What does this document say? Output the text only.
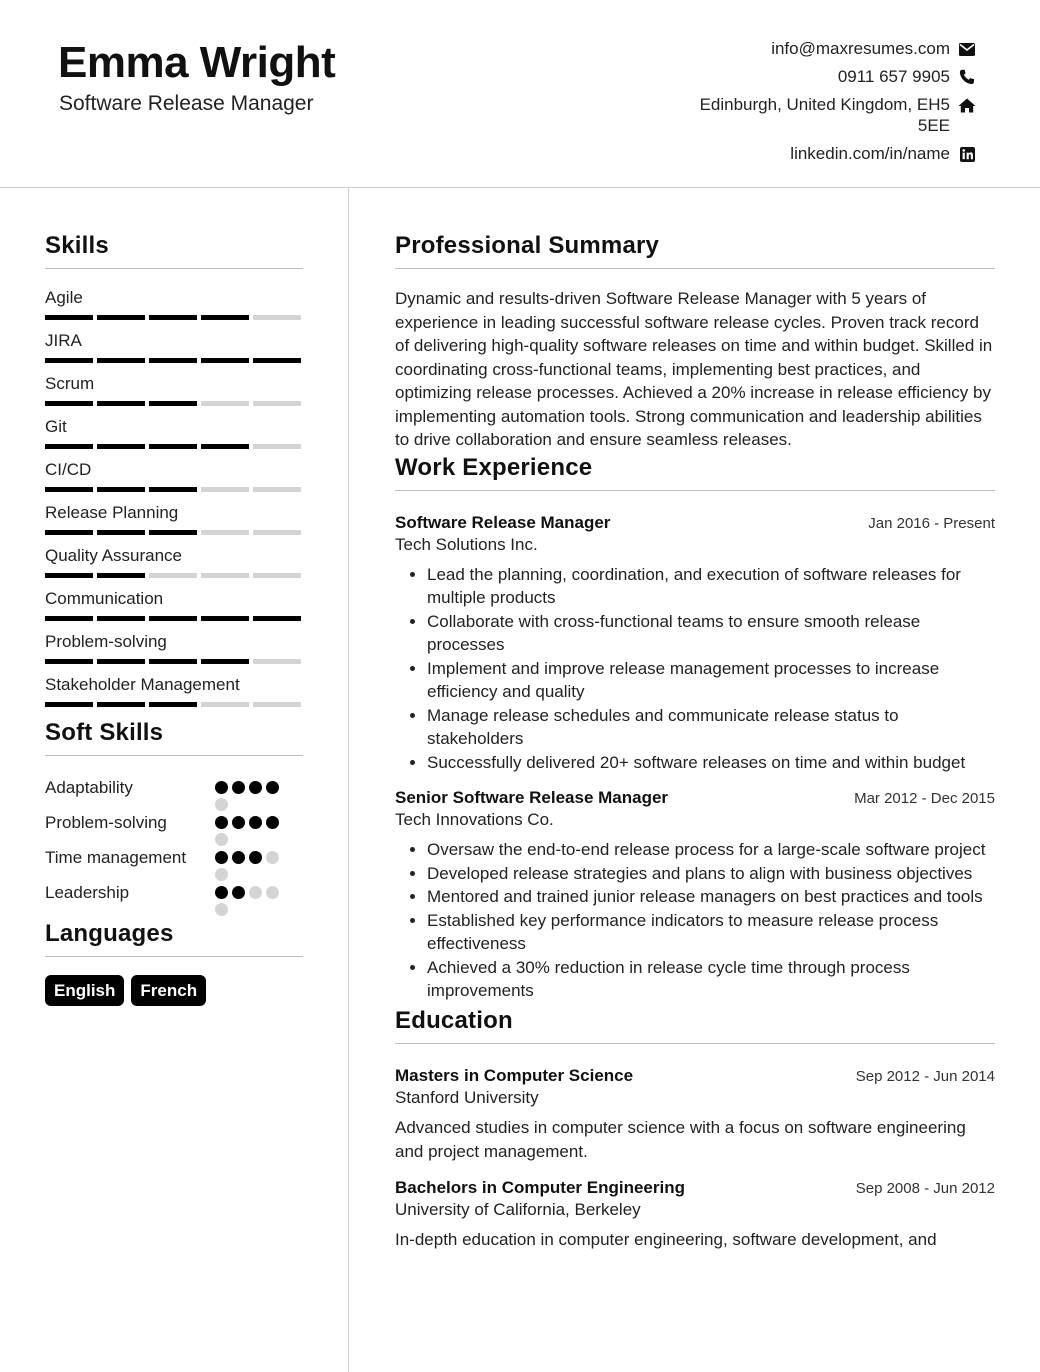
Emma Wright
Software Release Manager
info@maxresumes.com
0911 657 9905
Edinburgh, United Kingdom, EH5 5EE
linkedin.com/in/name
Skills
Agile
JIRA
Scrum
Git
CI/CD
Release Planning
Quality Assurance
Communication
Problem-solving
Stakeholder Management
Soft Skills
Adaptability
Problem-solving
Time management
Leadership
Languages
English	French
Professional Summary
Dynamic and results-driven Software Release Manager with 5 years of experience in leading successful software release cycles. Proven track record of delivering high-quality software releases on time and within budget. Skilled in coordinating cross-functional teams, implementing best practices, and optimizing release processes. Achieved a 20% increase in release efficiency by implementing automation tools. Strong communication and leadership abilities to drive collaboration and ensure seamless releases.
Work Experience
Software Release Manager	Jan 2016 - Present
Tech Solutions Inc.
• Lead the planning, coordination, and execution of software releases for multiple products
• Collaborate with cross-functional teams to ensure smooth release processes
• Implement and improve release management processes to increase efficiency and quality
• Manage release schedules and communicate release status to stakeholders
• Successfully delivered 20+ software releases on time and within budget
Senior Software Release Manager	Mar 2012 - Dec 2015
Tech Innovations Co.
• Oversaw the end-to-end release process for a large-scale software project
• Developed release strategies and plans to align with business objectives
• Mentored and trained junior release managers on best practices and tools
• Established key performance indicators to measure release process effectiveness
• Achieved a 30% reduction in release cycle time through process improvements
Education
Masters in Computer Science	Sep 2012 - Jun 2014
Stanford University
Advanced studies in computer science with a focus on software engineering and project management.
Bachelors in Computer Engineering	Sep 2008 - Jun 2012
University of California, Berkeley
In-depth education in computer engineering, software development, and
